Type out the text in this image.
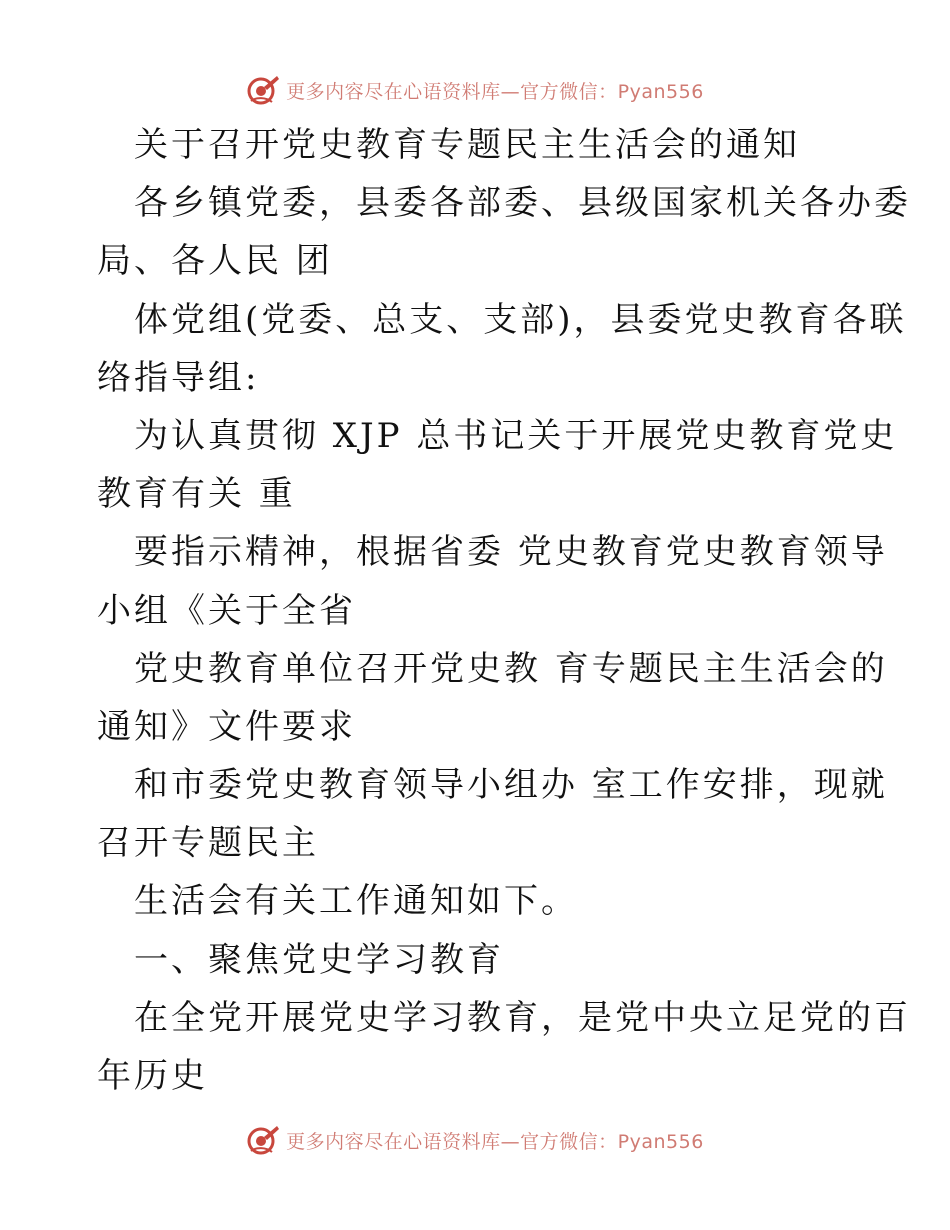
更多内容尽在心语资料库—官方微信：Pyan556

关于召开党史教育专题民主生活会的通知

各乡镇党委，县委各部委、县级国家机关各办委

局、各人民 团

体党组(党委、总支、支部)，县委党史教育各联

络指导组:

为认真贯彻 XJP 总书记关于开展党史教育党史

教育有关 重

要指示精神，根据省委 党史教育党史教育领导

小组《关于全省

党史教育单位召开党史教 育专题民主生活会的

通知》文件要求

和市委党史教育领导小组办 室工作安排，现就

召开专题民主

生活会有关工作通知如下。

一、聚焦党史学习教育

在全党开展党史学习教育，是党中央立足党的百

年历史

更多内容尽在心语资料库—官方微信：Pyan556
